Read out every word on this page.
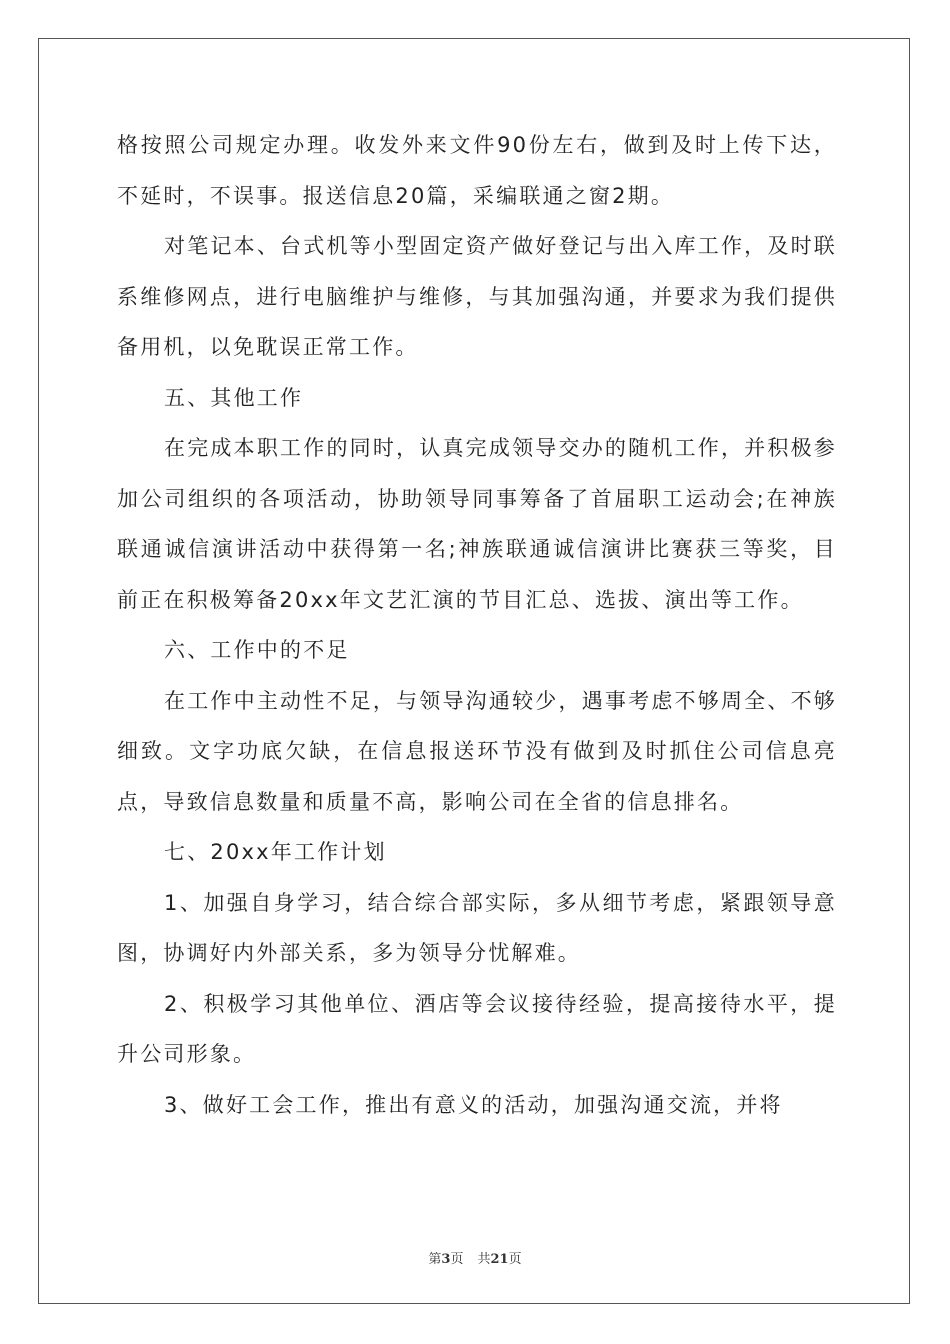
格按照公司规定办理。收发外来文件90份左右，做到及时上传下达，不延时，不误事。报送信息20篇，采编联通之窗2期。

对笔记本、台式机等小型固定资产做好登记与出入库工作，及时联系维修网点，进行电脑维护与维修，与其加强沟通，并要求为我们提供备用机，以免耽误正常工作。

五、其他工作

在完成本职工作的同时，认真完成领导交办的随机工作，并积极参加公司组织的各项活动，协助领导同事筹备了首届职工运动会;在神族联通诚信演讲活动中获得第一名;神族联通诚信演讲比赛获三等奖，目前正在积极筹备20xx年文艺汇演的节目汇总、选拔、演出等工作。

六、工作中的不足

在工作中主动性不足，与领导沟通较少，遇事考虑不够周全、不够细致。文字功底欠缺，在信息报送环节没有做到及时抓住公司信息亮点，导致信息数量和质量不高，影响公司在全省的信息排名。

七、20xx年工作计划

1、加强自身学习，结合综合部实际，多从细节考虑，紧跟领导意图，协调好内外部关系，多为领导分忧解难。

2、积极学习其他单位、酒店等会议接待经验，提高接待水平，提升公司形象。

3、做好工会工作，推出有意义的活动，加强沟通交流，并将

第3页 共21页
